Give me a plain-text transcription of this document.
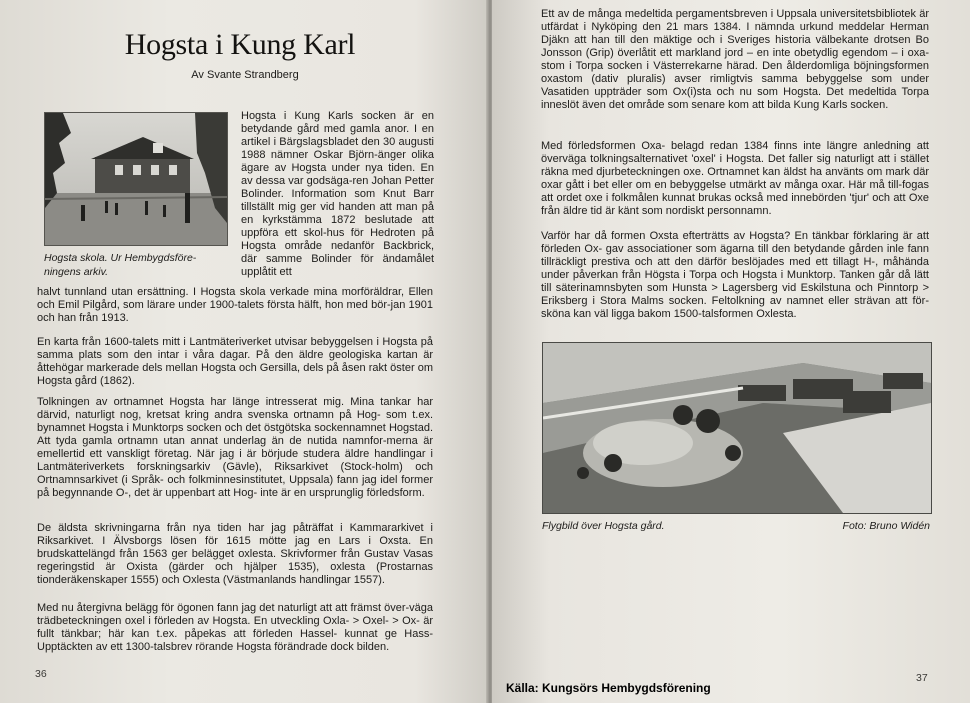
Hogsta i Kung Karl
Av Svante Strandberg
Hogsta skola. Ur Hembygdsföre-ningens arkiv.

Hogsta i Kung Karls socken är en betydande gård med gamla anor. I en artikel i Bärgslagsbladet den 30 augusti 1988 nämner Oskar Björn-änger olika ägare av Hogsta under nya tiden. En av dessa var godsäga-ren Johan Petter Bolinder. Information som Knut Barr tillställt mig ger vid handen att man på en kyrkstämma 1872 beslutade att uppföra ett skol-hus för Hedroten på Hogsta område nedanför Backbrick, där samme Bolinder för ändamålet upplåtit ett

halvt tunnland utan ersättning. I Hogsta skola verkade mina morföräldrar, Ellen och Emil Pilgård, som lärare under 1900-talets första hälft, hon med bör-jan 1901 och han från 1913.

En karta från 1600-talets mitt i Lantmäteriverket utvisar bebyggelsen i Hogsta på samma plats som den intar i våra dagar. På den äldre geologiska kartan är åttehögar markerade dels mellan Hogsta och Gersilla, dels på åsen rakt öster om Hogsta gård (1862).

Tolkningen av ortnamnet Hogsta har länge intresserat mig. Mina tankar har därvid, naturligt nog, kretsat kring andra svenska ortnamn på Hog- som t.ex. bynamnet Hogsta i Munktorps socken och det östgötska sockennamnet Hogstad. Att tyda gamla ortnamn utan annat underlag än de nutida namnfor-merna är emellertid ett vanskligt företag. När jag i är börjude studera äldre handlingar i Lantmäteriverkets forskningsarkiv (Gävle), Riksarkivet (Stock-holm) och Ortnamnsarkivet (i Språk- och folkminnesinstitutet, Uppsala) fann jag idel former på begynnande O-, det är uppenbart att Hog- inte är en ursprunglig förledsform.

De äldsta skrivningarna från nya tiden har jag påträffat i Kammararkivet i Riksarkivet. I Älvsborgs lösen för 1615 mötte jag en Lars i Oxsta. En brudskattelängd från 1563 ger belägget oxlesta. Skrivformer från Gustav Vasas regeringstid är Oxista (gärder och hjälper 1535), oxlesta (Prostarnas tionderäkenskaper 1555) och Oxlesta (Västmanlands handlingar 1557).

Med nu återgivna belägg för ögonen fann jag det naturligt att att främst över-väga trädbeteckningen oxel i förleden av Hogsta. En utveckling Oxla- > Oxel- > Ox- är fullt tänkbar; här kan t.ex. påpekas att förleden Hassel- kunnat ge Hass- Upptäckten av ett 1300-talsbrev rörande Hogsta förändrade dock bilden.

36

Ett av de många medeltida pergamentsbreven i Uppsala universitetsbibliotek är utfärdat i Nyköping den 21 mars 1384. I nämnda urkund meddelar Herman Djäkn att han till den mäktige och i Sveriges historia välbekante drotsen Bo Jonsson (Grip) överlåtit ett markland jord – en inte obetydlig egendom – i oxa-stom i Torpa socken i Västerrekarne härad. Den ålderdomliga böjningsformen oxastom (dativ pluralis) avser rimligtvis samma bebyggelse som under Vasatiden uppträder som Ox(i)sta och nu som Hogsta. Det medeltida Torpa inneslöt även det område som senare kom att bilda Kung Karls socken.

Med förledsformen Oxa- belagd redan 1384 finns inte längre anledning att överväga tolkningsalternativet 'oxel' i Hogsta. Det faller sig naturligt att i stället räkna med djurbeteckningen oxe. Ortnamnet kan äldst ha använts om mark där oxar gått i bet eller om en bebyggelse utmärkt av många oxar. Här må till-fogas att ordet oxe i folkmålen kunnat brukas också med innebörden 'tjur' och att Oxe från äldre tid är känt som nordiskt personnamn.

Varför har då formen Oxsta efterträtts av Hogsta? En tänkbar förklaring är att förleden Ox- gav associationer som ägarna till den betydande gården inle fann tillräckligt prestiva och att den därför beslöjades med ett tillagt H-, måhända under påverkan från Högsta i Torpa och Hogsta i Munktorp. Tanken går då lätt till säterinamnsbyten som Hunsta > Lagersberg vid Eskilstuna och Pinntorp > Eriksberg i Stora Malms socken. Feltolkning av namnet eller strävan att för-sköna kan väl ligga bakom 1500-talsformen Oxlesta.

Flygbild över Hogsta gård.	Foto: Bruno Widén
37
Källa: Kungsörs Hembygdsförening
